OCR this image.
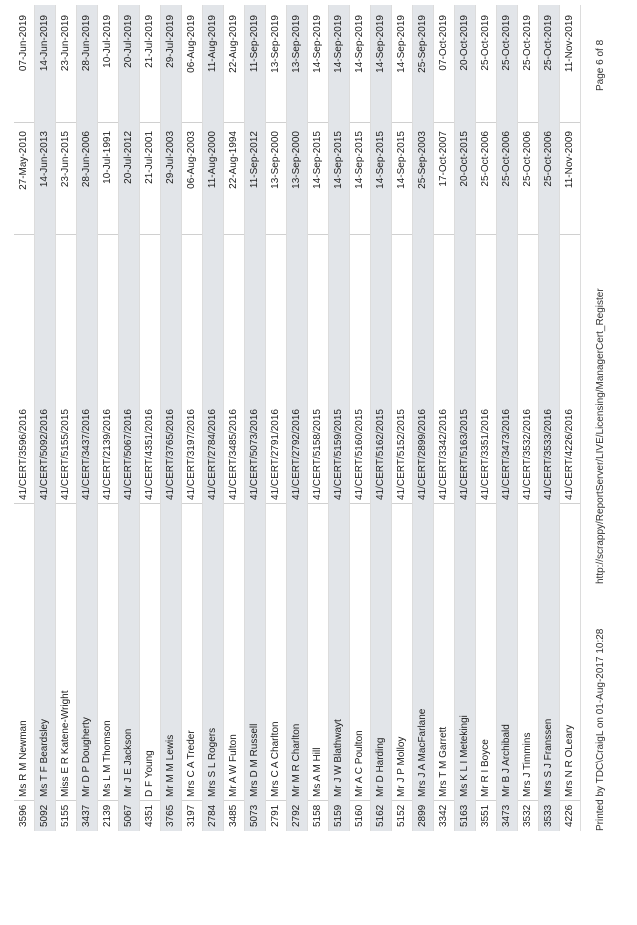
3596
Ms R M Newman
41/CERT/3596/2016
27-May-2010
07-Jun-2019
5092
Ms T F Beardsley
41/CERT/5092/2016
14-Jun-2013
14-Jun-2019
5155
Miss E R Katene-Wright
41/CERT/5155/2015
23-Jun-2015
23-Jun-2019
3437
Mr D P Dougherty
41/CERT/3437/2016
28-Jun-2006
28-Jun-2019
2139
Ms L M Thomson
41/CERT/2139/2016
10-Jul-1991
10-Jul-2019
5067
Mr J E Jackson
41/CERT/5067/2016
20-Jul-2012
20-Jul-2019
4351
D F Young
41/CERT/4351/2016
21-Jul-2001
21-Jul-2019
3765
Mr M M Lewis
41/CERT/3765/2016
29-Jul-2003
29-Jul-2019
3197
Mrs C A Treder
41/CERT/3197/2016
06-Aug-2003
06-Aug-2019
2784
Mrs S L Rogers
41/CERT/2784/2016
11-Aug-2000
11-Aug-2019
3485
Mr A W Fulton
41/CERT/3485/2016
22-Aug-1994
22-Aug-2019
5073
Mrs D M Russell
41/CERT/5073/2016
11-Sep-2012
11-Sep-2019
2791
Mrs C A Charlton
41/CERT/2791/2016
13-Sep-2000
13-Sep-2019
2792
Mr M R Charlton
41/CERT/2792/2016
13-Sep-2000
13-Sep-2019
5158
Ms A M Hill
41/CERT/5158/2015
14-Sep-2015
14-Sep-2019
5159
Mr J W Blathwayt
41/CERT/5159/2015
14-Sep-2015
14-Sep-2019
5160
Mr A C Poulton
41/CERT/5160/2015
14-Sep-2015
14-Sep-2019
5162
Mr D Harding
41/CERT/5162/2015
14-Sep-2015
14-Sep-2019
5152
Mr J P Molloy
41/CERT/5152/2015
14-Sep-2015
14-Sep-2019
2899
Mrs J A MacFarlane
41/CERT/2899/2016
25-Sep-2003
25-Sep-2019
3342
Mrs T M Garrett
41/CERT/3342/2016
17-Oct-2007
07-Oct-2019
5163
Ms K L I Metekingi
41/CERT/5163/2015
20-Oct-2015
20-Oct-2019
3551
Mr R I Boyce
41/CERT/3351/2016
25-Oct-2006
25-Oct-2019
3473
Mr B J Archibald
41/CERT/3473/2016
25-Oct-2006
25-Oct-2019
3532
Mrs J Timmins
41/CERT/3532/2016
25-Oct-2006
25-Oct-2019
3533
Mrs S J Franssen
41/CERT/3533/2016
25-Oct-2006
25-Oct-2019
4226
Mrs N R OLeary
41/CERT/4226/2016
11-Nov-2009
11-Nov-2019
Printed by TDC\CraigL on 01-Aug-2017 10:28
http://scrappy/ReportServer/LIVE/Licensing/ManagerCert_Register
Page 6 of 8
